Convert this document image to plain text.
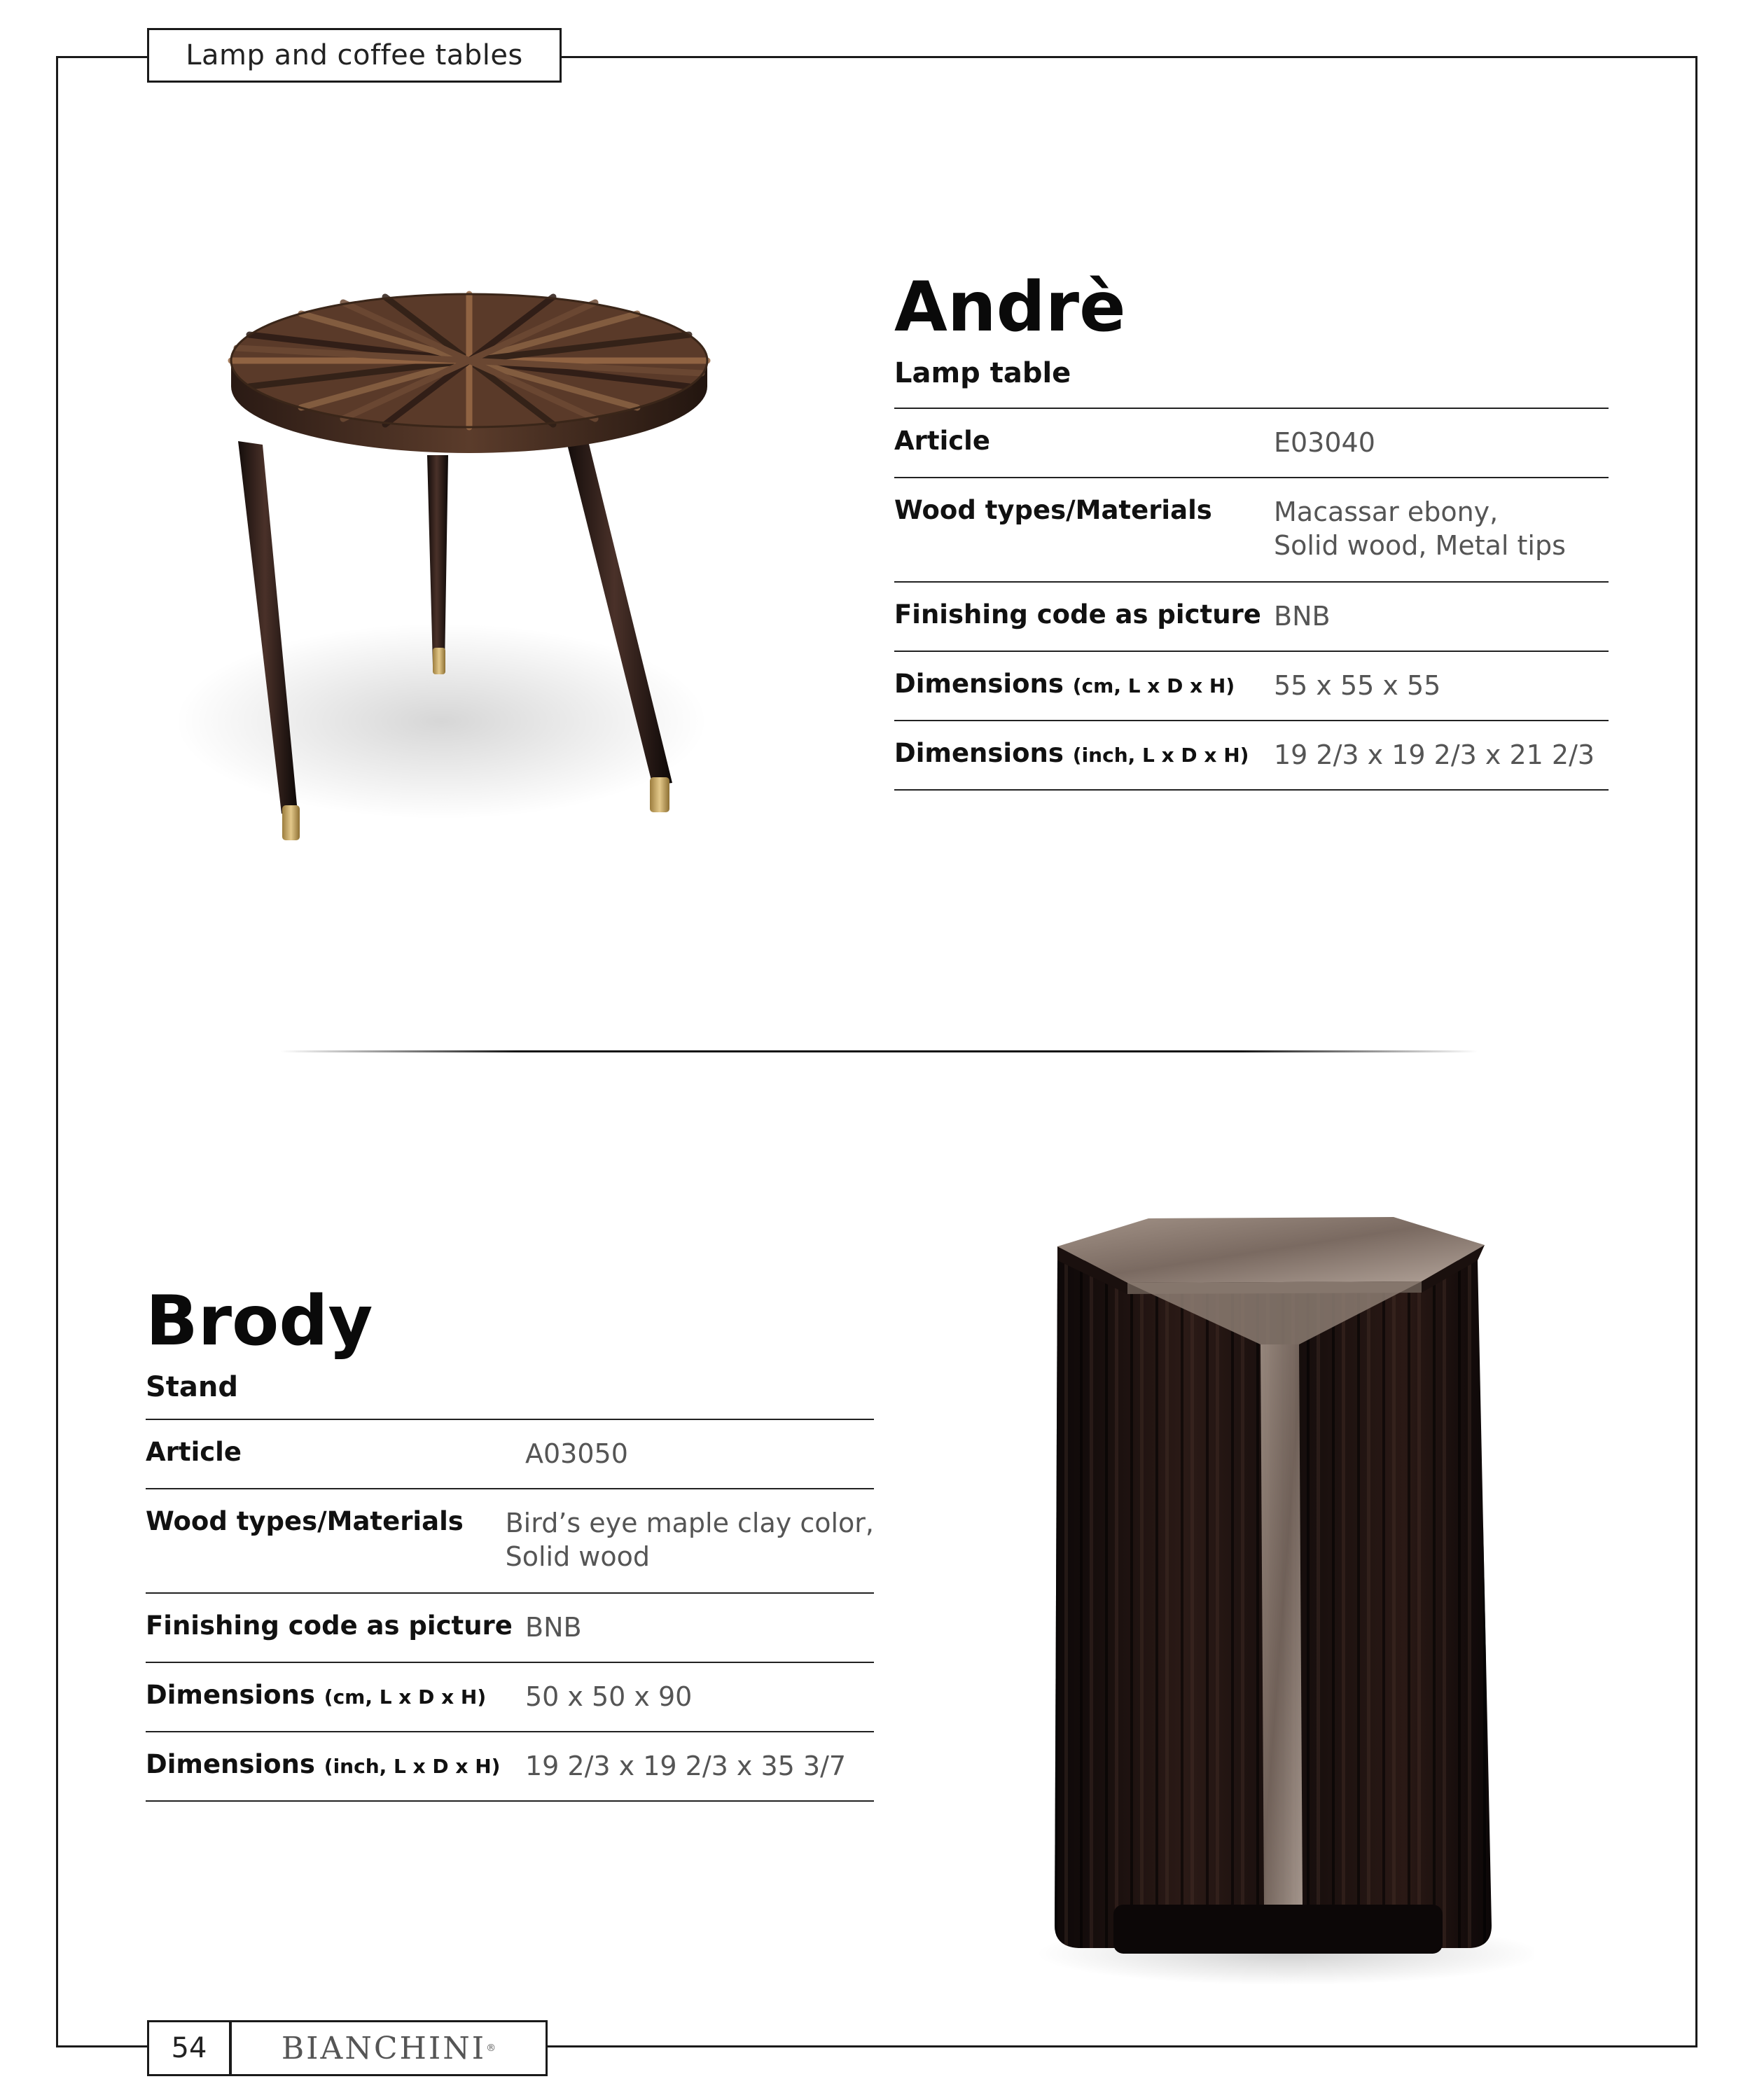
Lamp and coffee tables
Andrè
Lamp table
Article	E03040
Wood types/Materials	Macassar ebony,
Solid wood, Metal tips
Finishing code as picture BNB
Dimensions (cm, L x D x H)	55 x 55 x 55
Dimensions (inch, L x D x H) 19 2/3 x 19 2/3 x 21 2/3
Brody
Stand
Article	A03050
Wood types/Materials	Bird’s eye maple clay color,
Solid wood
Finishing code as picture BNB
Dimensions (cm, L x D x H)	50 x 50 x 90
Dimensions (inch, L x D x H) 19 2/3 x 19 2/3 x 35 3/7
54	BIANCHINI ®
